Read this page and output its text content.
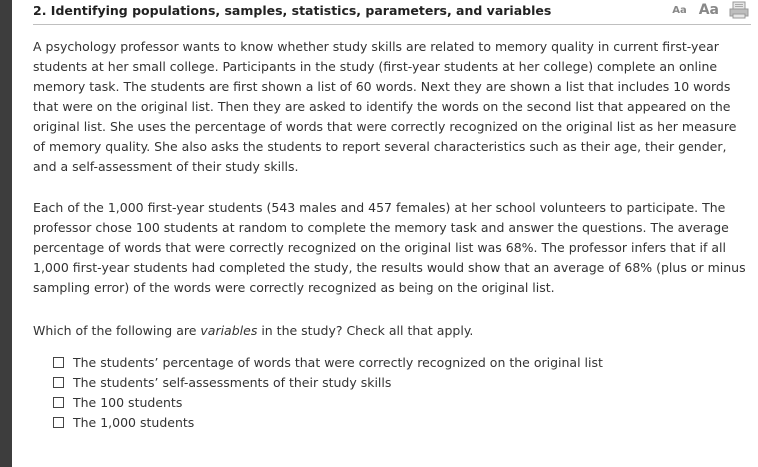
2. Identifying populations, samples, statistics, parameters, and variables	Aa Aa

A psychology professor wants to know whether study skills are related to memory quality in current first-year students at her small college. Participants in the study (first-year students at her college) complete an online memory task. The students are first shown a list of 60 words. Next they are shown a list that includes 10 words that were on the original list. Then they are asked to identify the words on the second list that appeared on the original list. She uses the percentage of words that were correctly recognized on the original list as her measure of memory quality. She also asks the students to report several characteristics such as their age, their gender, and a self-assessment of their study skills.

Each of the 1,000 first-year students (543 males and 457 females) at her school volunteers to participate. The professor chose 100 students at random to complete the memory task and answer the questions. The average percentage of words that were correctly recognized on the original list was 68%. The professor infers that if all 1,000 first-year students had completed the study, the results would show that an average of 68% (plus or minus sampling error) of the words were correctly recognized as being on the original list.

Which of the following are variables in the study? Check all that apply.

The students’ percentage of words that were correctly recognized on the original list
The students’ self-assessments of their study skills
The 100 students
The 1,000 students
